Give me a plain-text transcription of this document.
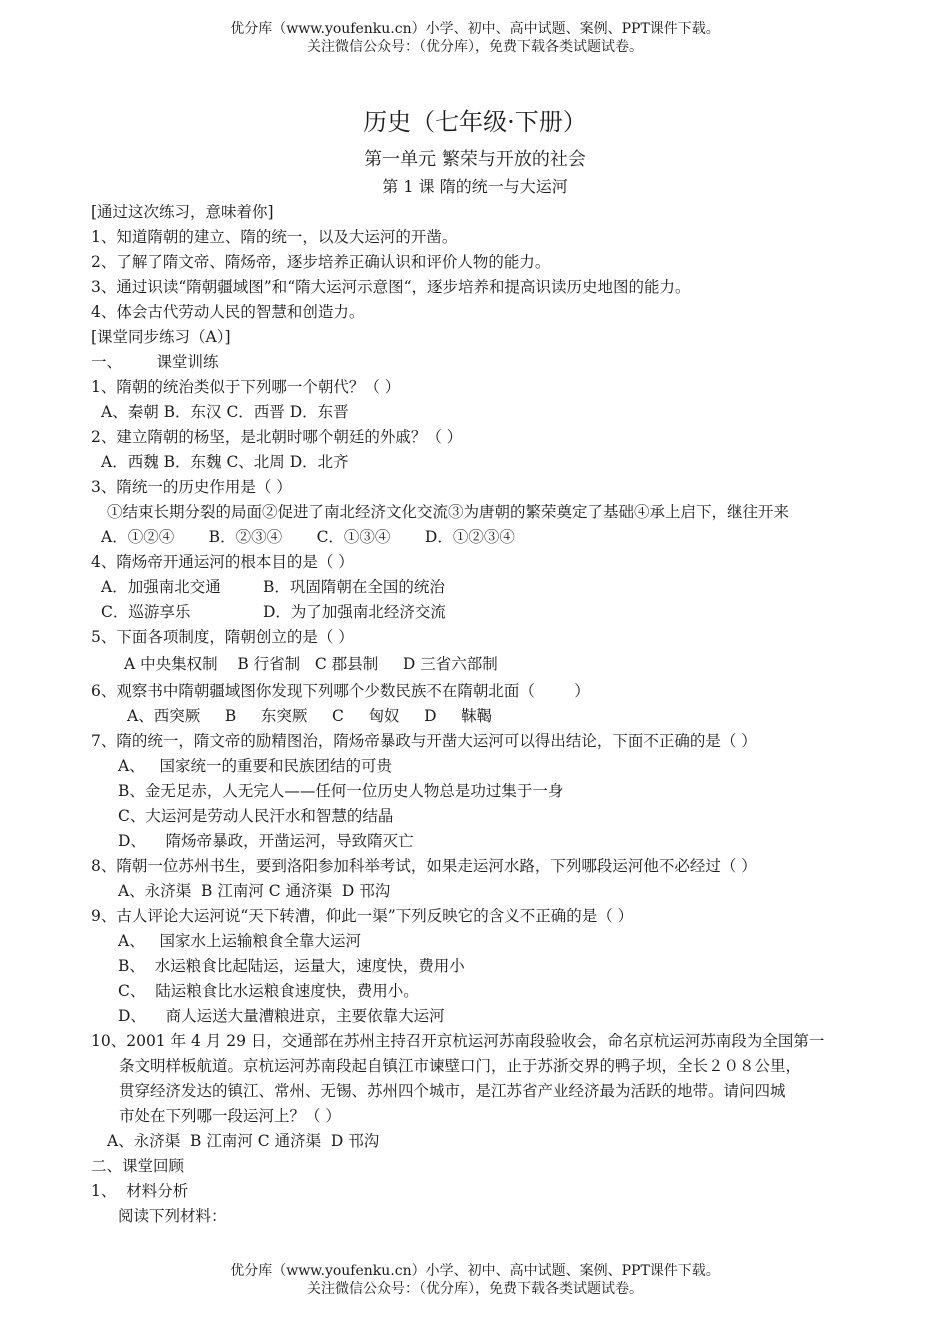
优分库（www.youfenku.cn）小学、初中、高中试题、案例、PPT课件下载。
关注微信公众号：（优分库），免费下载各类试题试卷。
历史（七年级·下册）
第一单元 繁荣与开放的社会
第 1 课 隋的统一与大运河
[通过这次练习，意味着你]
1、知道隋朝的建立、隋的统一，以及大运河的开凿。
2、了解了隋文帝、隋炀帝，逐步培养正确认识和评价人物的能力。
3、通过识读“隋朝疆域图”和“隋大运河示意图“，逐步培养和提高识读历史地图的能力。
4、体会古代劳动人民的智慧和创造力。
[课堂同步练习（A）]
一、       课堂训练
1、隋朝的统治类似于下列哪一个朝代？（ ）
A、秦朝 B．东汉 C．西晋 D．东晋
2、建立隋朝的杨坚，是北朝时哪个朝廷的外戚？（ ）
A．西魏 B．东魏 C、北周 D．北齐
3、隋统一的历史作用是（ ）
①结束长期分裂的局面②促进了南北经济文化交流③为唐朝的繁荣奠定了基础④承上启下，继往开来
A．①②④       B．②③④       C．①③④       D．①②③④
4、隋炀帝开通运河的根本目的是（ ）
A．加强南北交通	B．巩固隋朝在全国的统治
C．巡游享乐	D．为了加强南北经济交流
5、下面各项制度，隋朝创立的是（ ）
A 中央集权制    B 行省制   C 郡县制     D 三省六部制
6、观察书中隋朝疆域图你发现下列哪个少数民族不在隋朝北面（        ）
A、西突厥     B     东突厥     C     匈奴     D     靺鞨
7、隋的统一，隋文帝的励精图治，隋炀帝暴政与开凿大运河可以得出结论，下面不正确的是（ ）
A、   国家统一的重要和民族团结的可贵
B、金无足赤，人无完人——任何一位历史人物总是功过集于一身
C、大运河是劳动人民汗水和智慧的结晶
D、    隋炀帝暴政，开凿运河，导致隋灭亡
8、隋朝一位苏州书生，要到洛阳参加科举考试，如果走运河水路，下列哪段运河他不必经过（ ）
A、永济渠  B 江南河 C 通济渠  D 邗沟
9、古人评论大运河说“天下转漕，仰此一渠”下列反映它的含义不正确的是（ ）
A、   国家水上运输粮食全靠大运河
B、  水运粮食比起陆运，运量大，速度快，费用小
C、  陆运粮食比水运粮食速度快，费用小。
D、    商人运送大量漕粮进京，主要依靠大运河
10、2001 年 4 月 29 日，交通部在苏州主持召开京杭运河苏南段验收会，命名京杭运河苏南段为全国第一
条文明样板航道。京杭运河苏南段起自镇江市谏壁口门，止于苏浙交界的鸭子坝，全长２０８公里，
贯穿经济发达的镇江、常州、无锡、苏州四个城市，是江苏省产业经济最为活跃的地带。请问四城
市处在下列哪一段运河上？（ ）
A、永济渠  B 江南河 C 通济渠  D 邗沟
二、课堂回顾
1、  材料分析
阅读下列材料：
优分库（www.youfenku.cn）小学、初中、高中试题、案例、PPT课件下载。
关注微信公众号：（优分库），免费下载各类试题试卷。
